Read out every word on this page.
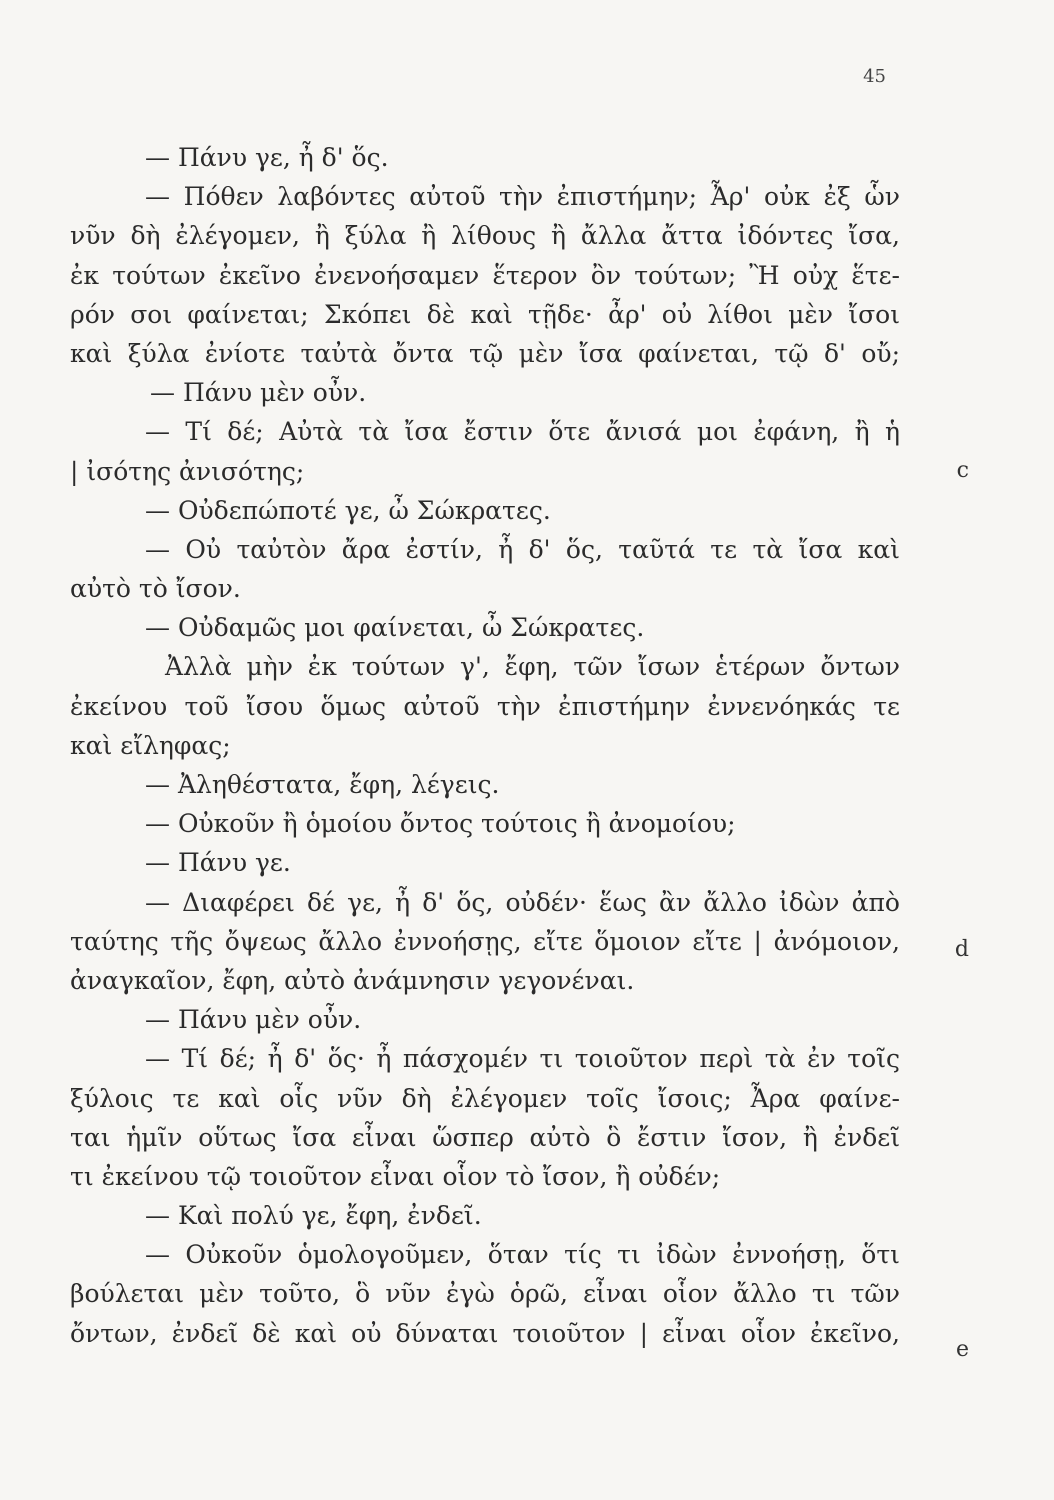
45
— Πάνυ γε, ἦ δ' ὅς.
— Πόθεν λαβόντες αὐτοῦ τὴν ἐπιστήμην; Ἆρ' οὐκ ἐξ ὧν
νῦν δὴ ἐλέγομεν, ἢ ξύλα ἢ λίθους ἢ ἄλλα ἄττα ἰδόντες ἴσα,
ἐκ τούτων ἐκεῖνο ἐνενοήσαμεν ἕτερον ὂν τούτων; Ἢ οὐχ ἕτε-
ρόν σοι φαίνεται; Σκόπει δὲ καὶ τῇδε· ἆρ' οὐ λίθοι μὲν ἴσοι
καὶ ξύλα ἐνίοτε ταὐτὰ ὄντα τῷ μὲν ἴσα φαίνεται, τῷ δ' οὔ;
— Πάνυ μὲν οὖν.
— Τί δέ; Αὐτὰ τὰ ἴσα ἔστιν ὅτε ἄνισά μοι ἐφάνη, ἢ ἡ
| ἰσότης ἀνισότης;
— Οὐδεπώποτέ γε, ὦ Σώκρατες.
— Οὐ ταὐτὸν ἄρα ἐστίν, ἦ δ' ὅς, ταῦτά τε τὰ ἴσα καὶ
αὐτὸ τὸ ἴσον.
— Οὐδαμῶς μοι φαίνεται, ὦ Σώκρατες.
Ἀλλὰ μὴν ἐκ τούτων γ', ἔφη, τῶν ἴσων ἑτέρων ὄντων
ἐκείνου τοῦ ἴσου ὅμως αὐτοῦ τὴν ἐπιστήμην ἐννενόηκάς τε
καὶ εἴληφας;
— Ἀληθέστατα, ἔφη, λέγεις.
— Οὐκοῦν ἢ ὁμοίου ὄντος τούτοις ἢ ἀνομοίου;
— Πάνυ γε.
— Διαφέρει δέ γε, ἦ δ' ὅς, οὐδέν· ἕως ἂν ἄλλο ἰδὼν ἀπὸ
ταύτης τῆς ὄψεως ἄλλο ἐννοήσῃς, εἴτε ὅμοιον εἴτε | ἀνόμοιον,
ἀναγκαῖον, ἔφη, αὐτὸ ἀνάμνησιν γεγονέναι.
— Πάνυ μὲν οὖν.
— Τί δέ; ἦ δ' ὅς· ἦ πάσχομέν τι τοιοῦτον περὶ τὰ ἐν τοῖς
ξύλοις τε καὶ οἷς νῦν δὴ ἐλέγομεν τοῖς ἴσοις; Ἆρα φαίνε-
ται ἡμῖν οὕτως ἴσα εἶναι ὥσπερ αὐτὸ ὃ ἔστιν ἴσον, ἢ ἐνδεῖ
τι ἐκείνου τῷ τοιοῦτον εἶναι οἷον τὸ ἴσον, ἢ οὐδέν;
— Καὶ πολύ γε, ἔφη, ἐνδεῖ.
— Οὐκοῦν ὁμολογοῦμεν, ὅταν τίς τι ἰδὼν ἐννοήσῃ, ὅτι
βούλεται μὲν τοῦτο, ὃ νῦν ἐγὼ ὁρῶ, εἶναι οἷον ἄλλο τι τῶν
ὄντων, ἐνδεῖ δὲ καὶ οὐ δύναται τοιοῦτον | εἶναι οἷον ἐκεῖνο,
c
d
e
